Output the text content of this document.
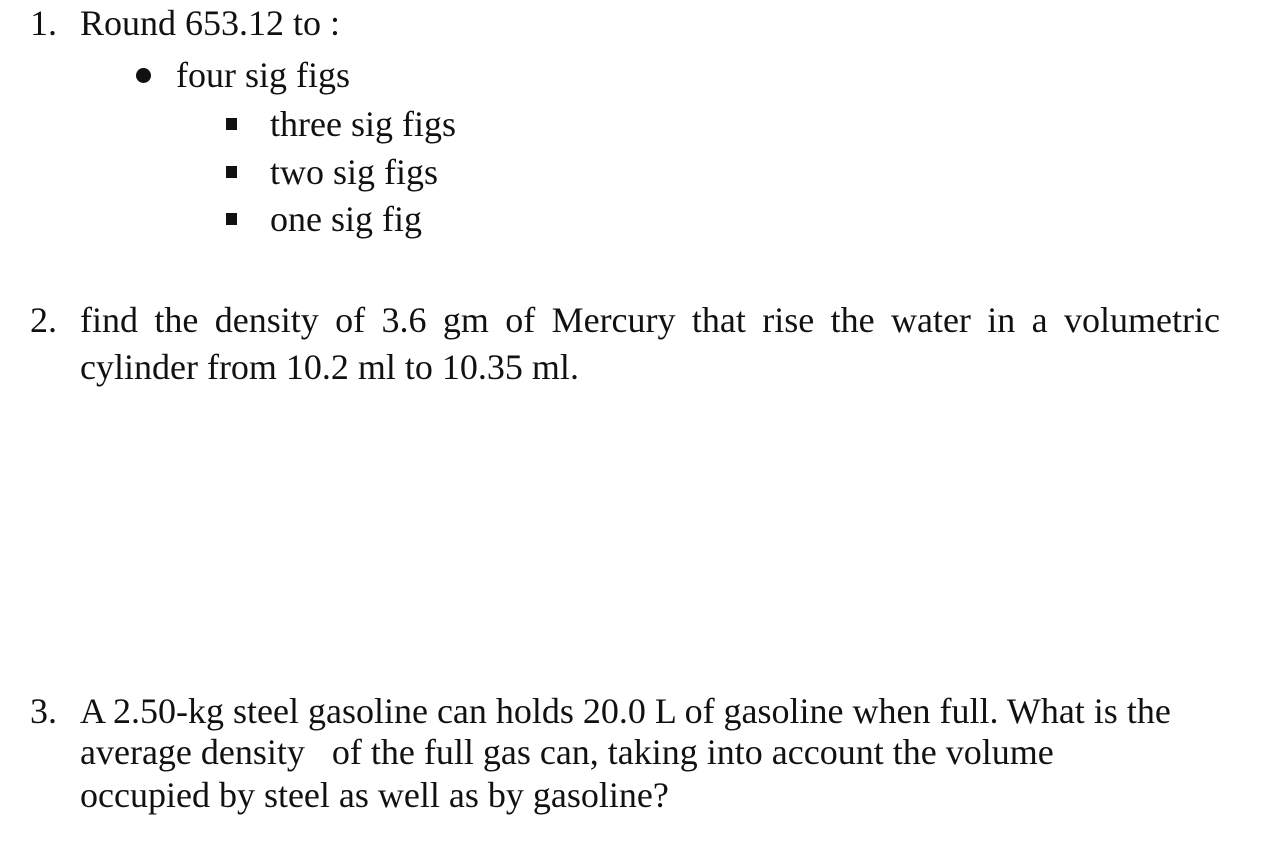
1. Round 653.12 to :
four sig figs
three sig figs
two sig figs
one sig fig
2. find the density of 3.6 gm of Mercury that rise the water in a volumetric
cylinder from 10.2 ml to 10.35 ml.
3. A 2.50-kg steel gasoline can holds 20.0 L of gasoline when full. What is the
average density   of the full gas can, taking into account the volume
occupied by steel as well as by gasoline?
